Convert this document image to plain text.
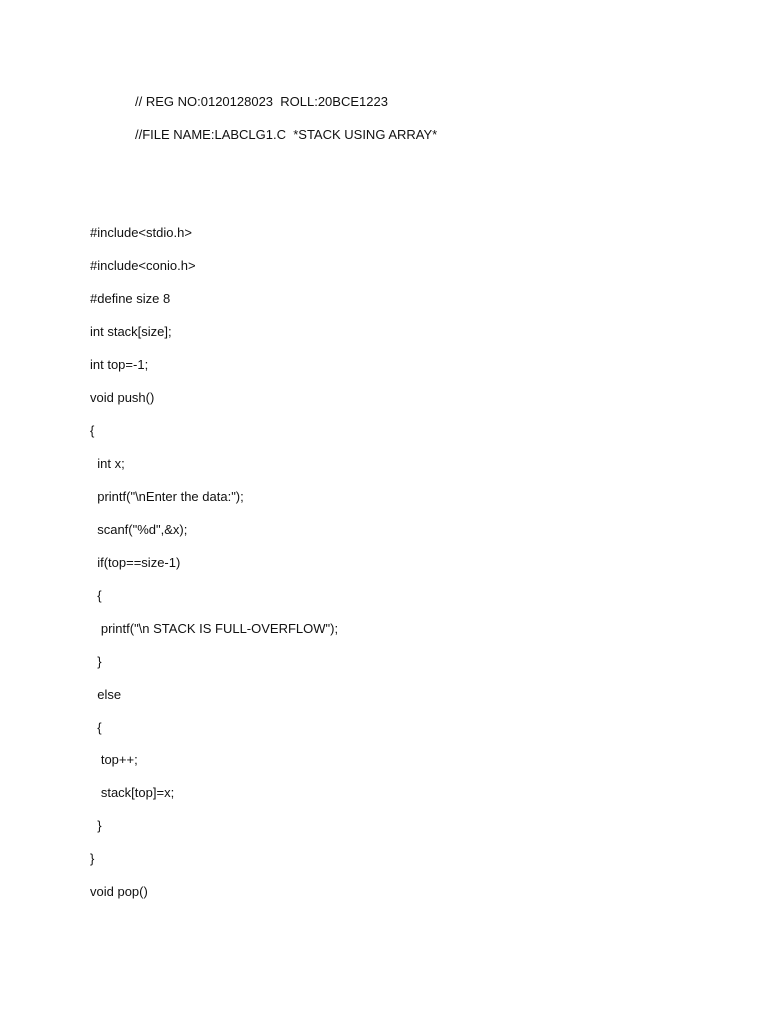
// REG NO:0120128023  ROLL:20BCE1223
//FILE NAME:LABCLG1.C  *STACK USING ARRAY*
#include<stdio.h>
#include<conio.h>
#define size 8
int stack[size];
int top=-1;
void push()
{
int x;
printf("\nEnter the data:");
scanf("%d",&x);
if(top==size-1)
{
printf("\n STACK IS FULL-OVERFLOW");
}
else
{
top++;
stack[top]=x;
}
}
void pop()
